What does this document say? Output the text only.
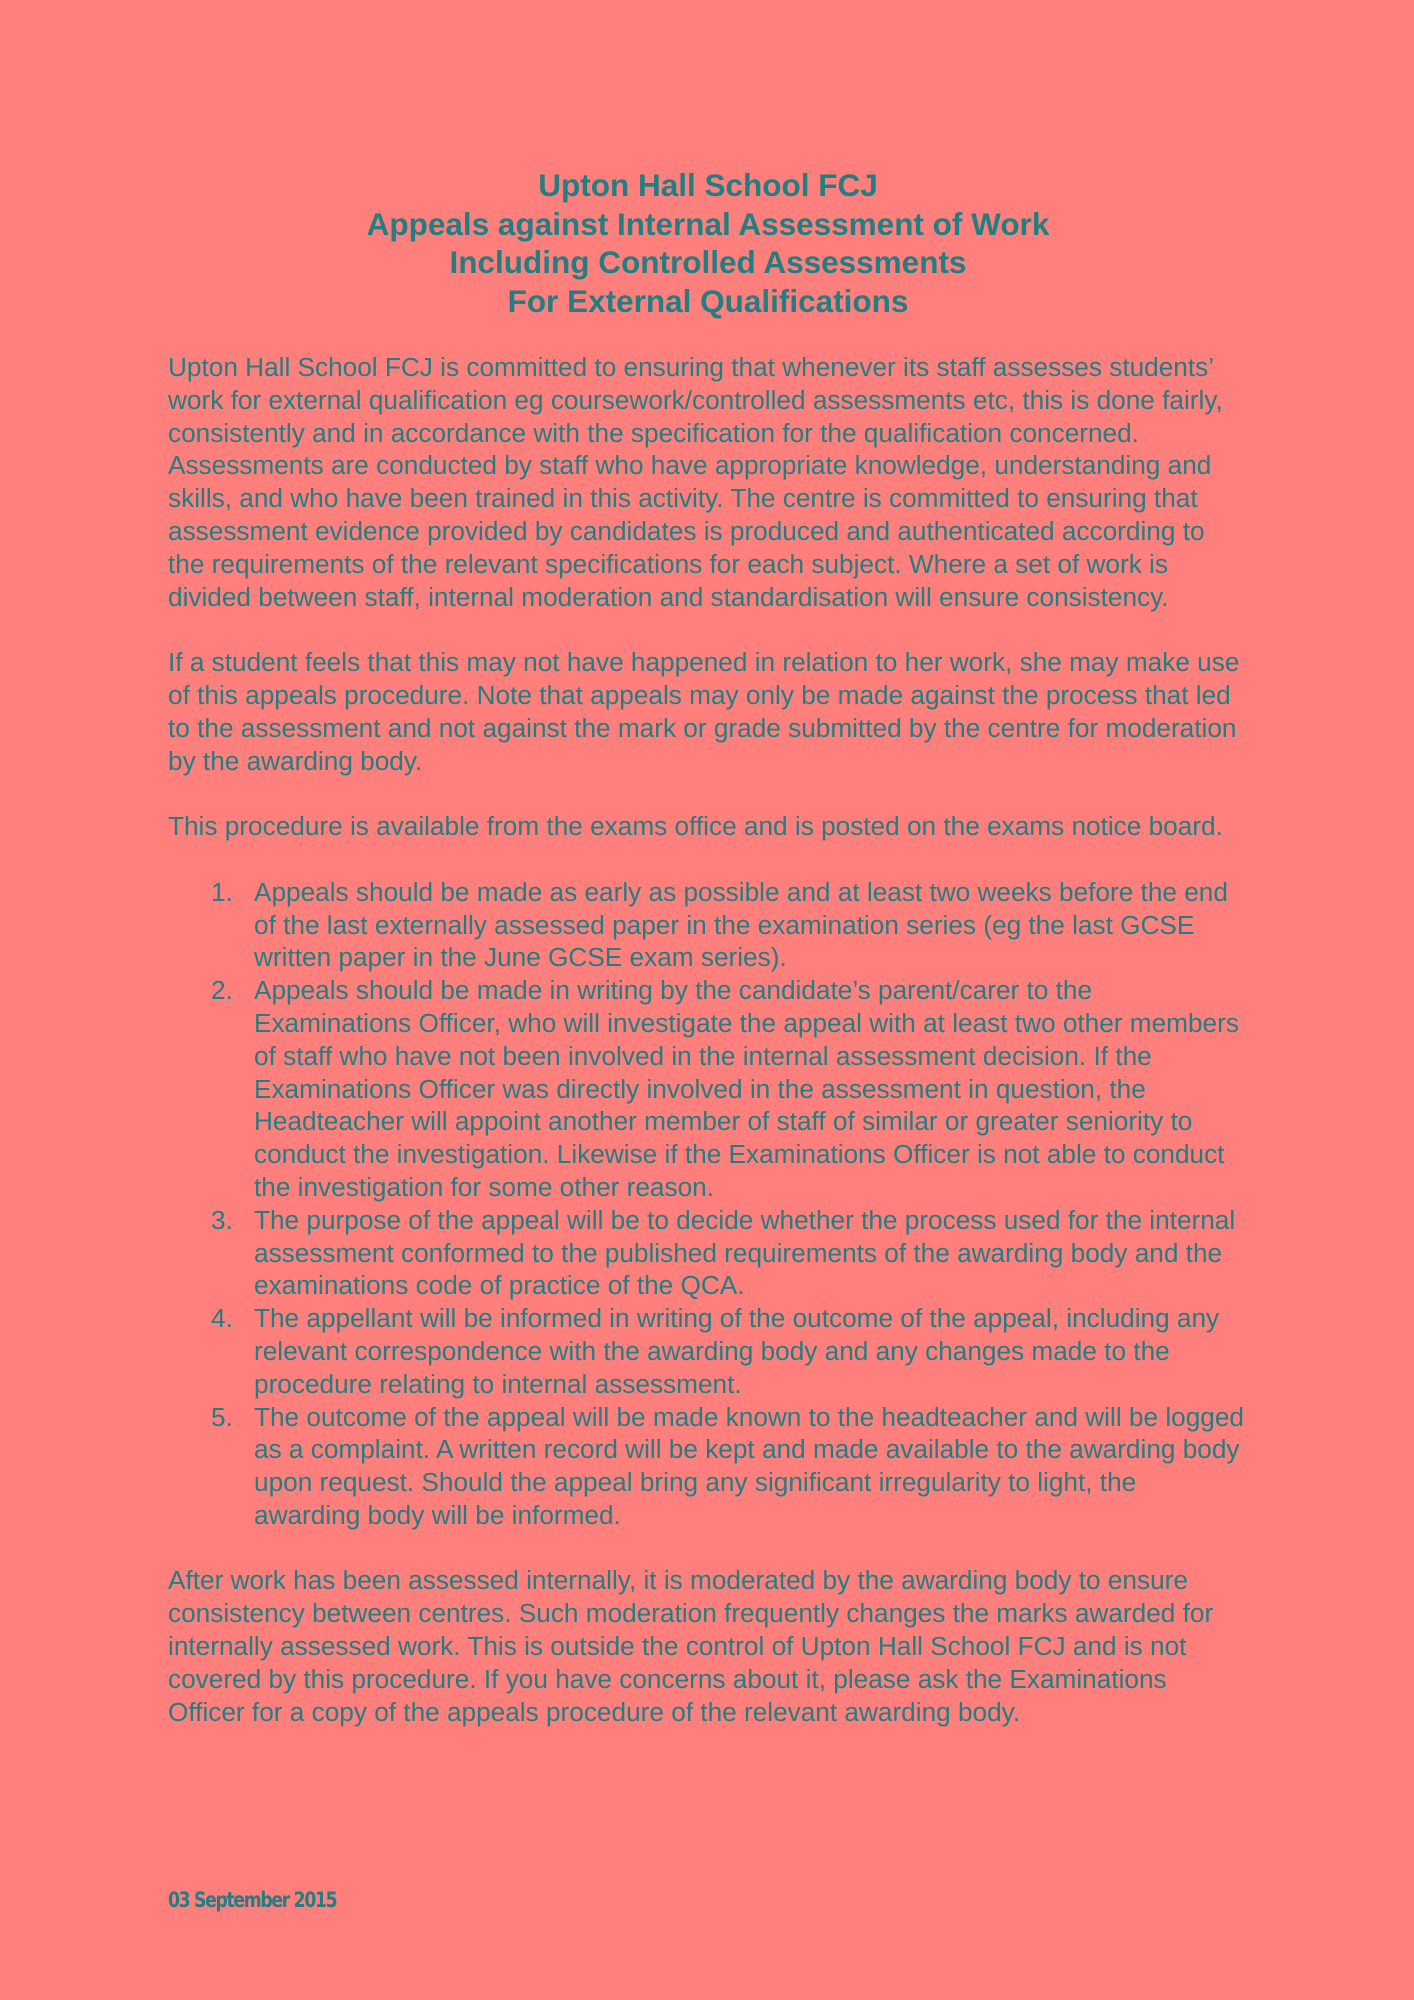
Upton Hall School FCJ
Appeals against Internal Assessment of Work
Including Controlled Assessments
For External Qualifications

Upton Hall School FCJ is committed to ensuring that whenever its staff assesses students’ work for external qualification eg coursework/controlled assessments etc, this is done fairly, consistently and in accordance with the specification for the qualification concerned. Assessments are conducted by staff who have appropriate knowledge, understanding and skills, and who have been trained in this activity. The centre is committed to ensuring that assessment evidence provided by candidates is produced and authenticated according to the requirements of the relevant specifications for each subject. Where a set of work is divided between staff, internal moderation and standardisation will ensure consistency.

If a student feels that this may not have happened in relation to her work, she may make use of this appeals procedure. Note that appeals may only be made against the process that led to the assessment and not against the mark or grade submitted by the centre for moderation by the awarding body.

This procedure is available from the exams office and is posted on the exams notice board.

1. Appeals should be made as early as possible and at least two weeks before the end of the last externally assessed paper in the examination series (eg the last GCSE written paper in the June GCSE exam series).
2. Appeals should be made in writing by the candidate’s parent/carer to the Examinations Officer, who will investigate the appeal with at least two other members of staff who have not been involved in the internal assessment decision. If the Examinations Officer was directly involved in the assessment in question, the Headteacher will appoint another member of staff of similar or greater seniority to conduct the investigation. Likewise if the Examinations Officer is not able to conduct the investigation for some other reason.
3. The purpose of the appeal will be to decide whether the process used for the internal assessment conformed to the published requirements of the awarding body and the examinations code of practice of the QCA.
4. The appellant will be informed in writing of the outcome of the appeal, including any relevant correspondence with the awarding body and any changes made to the procedure relating to internal assessment.
5. The outcome of the appeal will be made known to the headteacher and will be logged as a complaint. A written record will be kept and made available to the awarding body upon request. Should the appeal bring any significant irregularity to light, the awarding body will be informed.

After work has been assessed internally, it is moderated by the awarding body to ensure consistency between centres. Such moderation frequently changes the marks awarded for internally assessed work. This is outside the control of Upton Hall School FCJ and is not covered by this procedure. If you have concerns about it, please ask the Examinations Officer for a copy of the appeals procedure of the relevant awarding body.

03 September 2015
